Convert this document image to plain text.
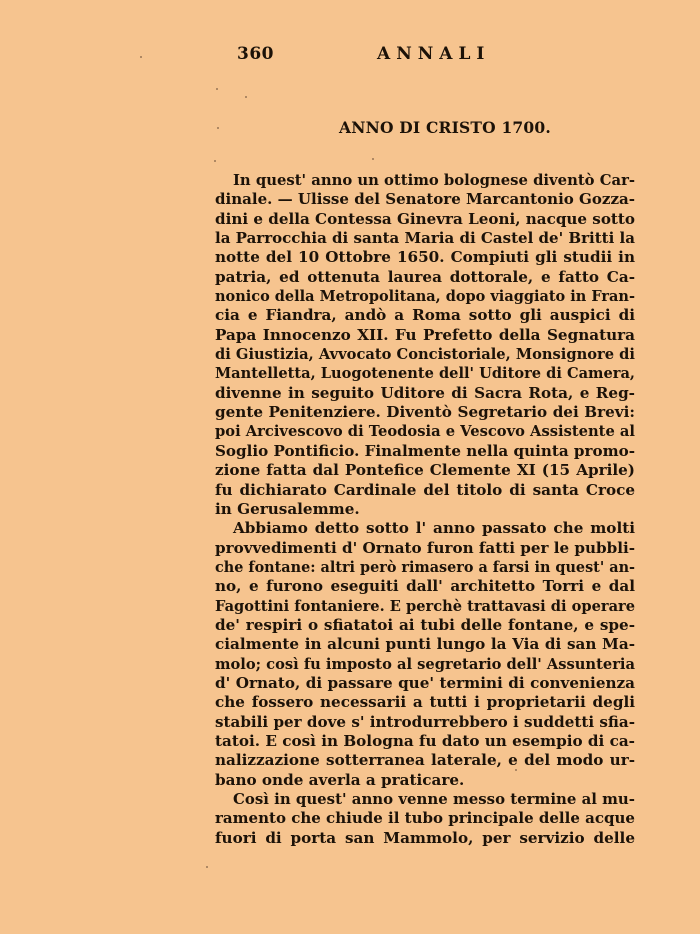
360	ANNALI
ANNO DI CRISTO 1700.
In quest' anno un ottimo bolognese diventò Car-
dinale. — Ulisse del Senatore Marcantonio Gozza-
dini e della Contessa Ginevra Leoni, nacque sotto
la Parrocchia di santa Maria di Castel de' Britti la
notte del 10 Ottobre 1650. Compiuti gli studii in
patria, ed ottenuta laurea dottorale, e fatto Ca-
nonico della Metropolitana, dopo viaggiato in Fran-
cia e Fiandra, andò a Roma sotto gli auspici di
Papa Innocenzo XII. Fu Prefetto della Segnatura
di Giustizia, Avvocato Concistoriale, Monsignore di
Mantelletta, Luogotenente dell' Uditore di Camera,
divenne in seguito Uditore di Sacra Rota, e Reg-
gente Penitenziere. Diventò Segretario dei Brevi:
poi Arcivescovo di Teodosia e Vescovo Assistente al
Soglio Pontificio. Finalmente nella quinta promo-
zione fatta dal Pontefice Clemente XI (15 Aprile)
fu dichiarato Cardinale del titolo di santa Croce
in Gerusalemme.
Abbiamo detto sotto l' anno passato che molti
provvedimenti d' Ornato furon fatti per le pubbli-
che fontane: altri però rimasero a farsi in quest' an-
no, e furono eseguiti dall' architetto Torri e dal
Fagottini fontaniere. E perchè trattavasi di operare
de' respiri o sfiatatoi ai tubi delle fontane, e spe-
cialmente in alcuni punti lungo la Via di san Ma-
molo; così fu imposto al segretario dell' Assunteria
d' Ornato, di passare que' termini di convenienza
che fossero necessarii a tutti i proprietarii degli
stabili per dove s' introdurrebbero i suddetti sfia-
tatoi. E così in Bologna fu dato un esempio di ca-
nalizzazione sotterranea laterale, e del modo ur-
bano onde averla a praticare.
Così in quest' anno venne messo termine al mu-
ramento che chiude il tubo principale delle acque
fuori di porta san Mammolo, per servizio delle
